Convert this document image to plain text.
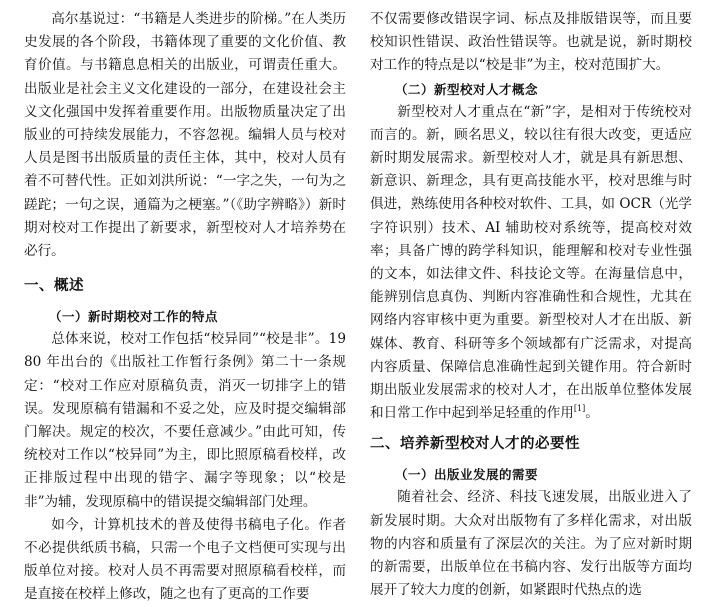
高尔基说过：“书籍是人类进步的阶梯。”在人类历史发展的各个阶段，书籍体现了重要的文化价值、教育价值。与书籍息息相关的出版业，可谓责任重大。出版业是社会主义文化建设的一部分，在建设社会主义文化强国中发挥着重要作用。出版物质量决定了出版业的可持续发展能力，不容忽视。编辑人员与校对人员是图书出版质量的责任主体，其中，校对人员有着不可替代性。正如刘洪所说：“一字之失，一句为之蹉跎；一句之误，通篇为之梗塞。”（《助字辨略》）新时期对校对工作提出了新要求，新型校对人才培养势在必行。

一、概述
（一）新时期校对工作的特点

总体来说，校对工作包括“校异同”“校是非”。1980 年出台的《出版社工作暂行条例》第二十一条规定：“校对工作应对原稿负责，消灭一切排字上的错误。发现原稿有错漏和不妥之处，应及时提交编辑部门解决。规定的校次，不要任意减少。”由此可知，传统校对工作以“校异同”为主，即比照原稿看校样，改正排版过程中出现的错字、漏字等现象；以“校是非”为辅，发现原稿中的错误提交编辑部门处理。

如今，计算机技术的普及使得书稿电子化。作者不必提供纸质书稿，只需一个电子文档便可实现与出版单位对接。校对人员不再需要对照原稿看校样，而是直接在校样上修改，随之也有了更高的工作要

不仅需要修改错误字词、标点及排版错误等，而且要校知识性错误、政治性错误等。也就是说，新时期校对工作的特点是以“校是非”为主，校对范围扩大。

（二）新型校对人才概念

新型校对人才重点在“新”字，是相对于传统校对而言的。新，顾名思义，较以往有很大改变，更适应新时期发展需求。新型校对人才，就是具有新思想、新意识、新理念，具有更高技能水平，校对思维与时俱进，熟练使用各种校对软件、工具，如 OCR（光学字符识别）技术、AI 辅助校对系统等，提高校对效率；具备广博的跨学科知识，能理解和校对专业性强的文本，如法律文件、科技论文等。在海量信息中，能辨别信息真伪、判断内容准确性和合规性，尤其在网络内容审核中更为重要。新型校对人才在出版、新媒体、教育、科研等多个领域都有广泛需求，对提高内容质量、保障信息准确性起到关键作用。符合新时期出版业发展需求的校对人才，在出版单位整体发展和日常工作中起到举足轻重的作用[1]。

二、培养新型校对人才的必要性
（一）出版业发展的需要

随着社会、经济、科技飞速发展，出版业进入了新发展时期。大众对出版物有了多样化需求，对出版物的内容和质量有了深层次的关注。为了应对新时期的新需要，出版单位在书稿内容、发行出版等方面均展开了较大力度的创新，如紧跟时代热点的选
